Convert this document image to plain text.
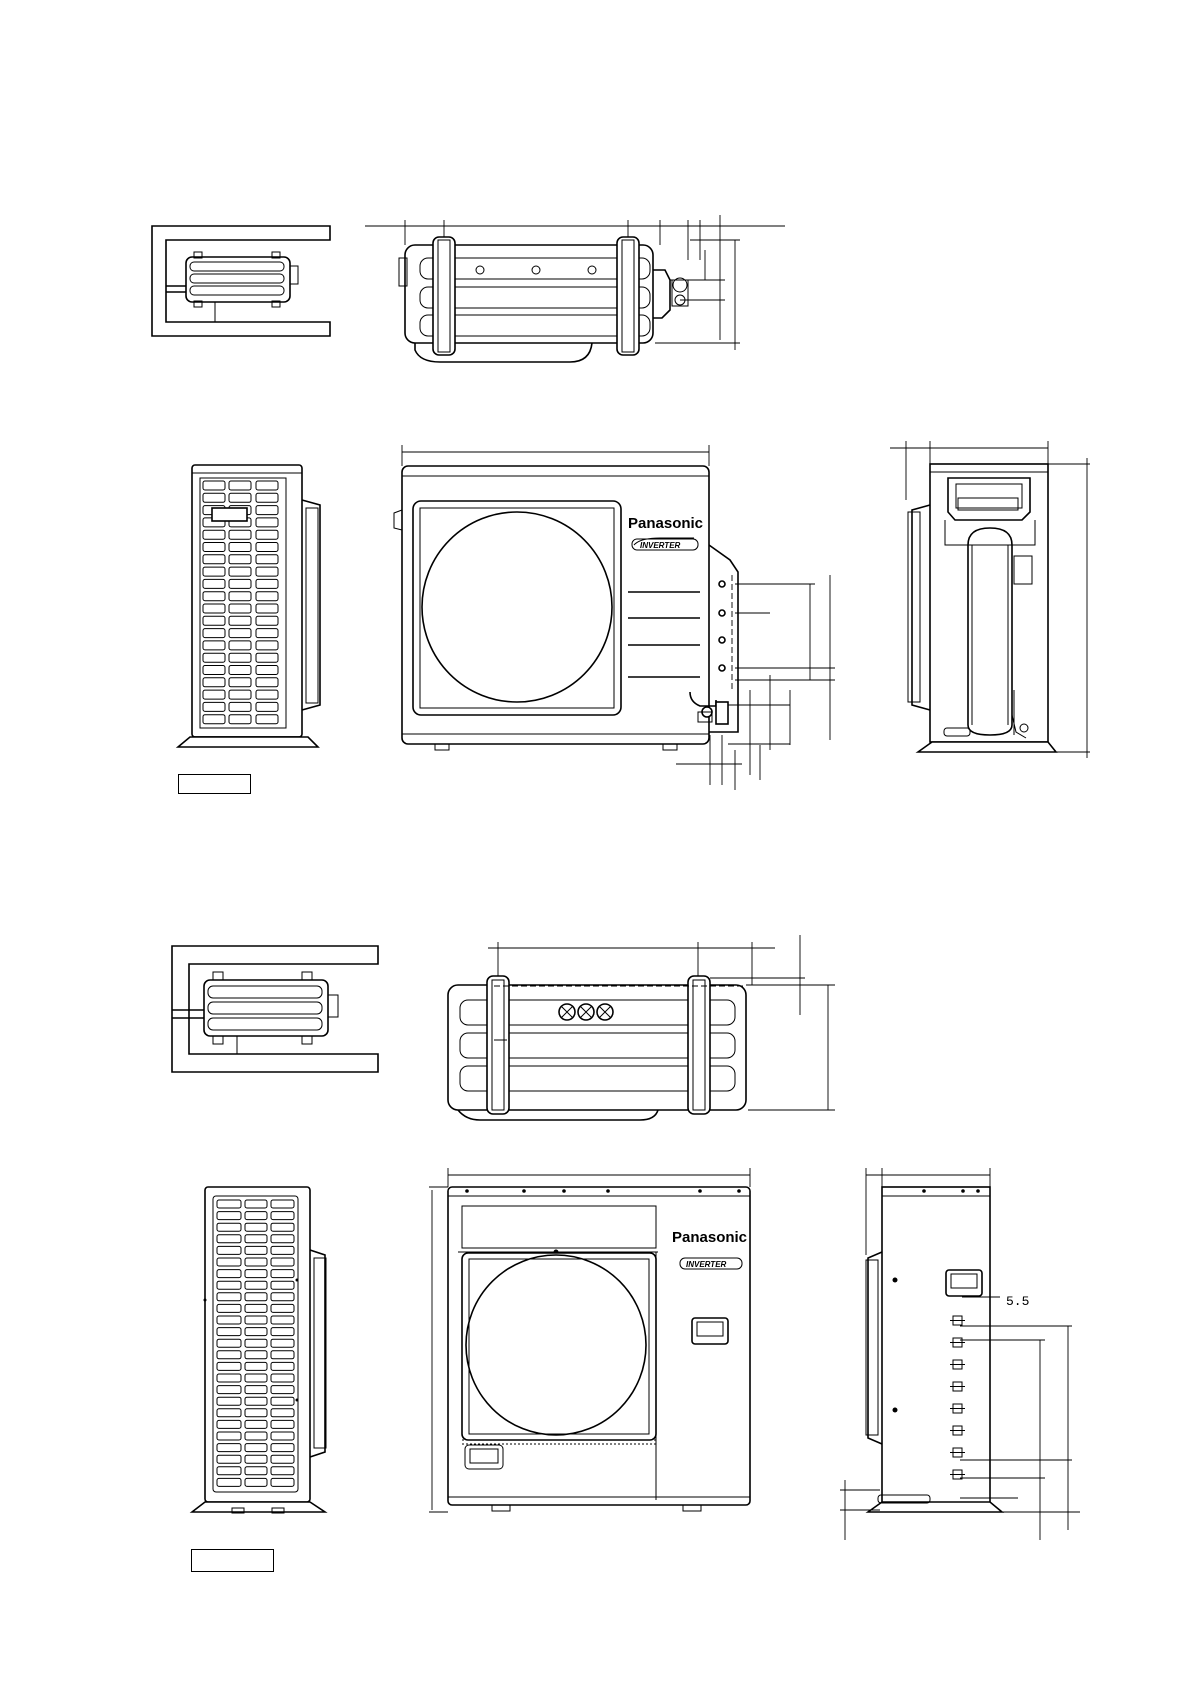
Panasonic
INVERTER
Panasonic
INVERTER
5.5
